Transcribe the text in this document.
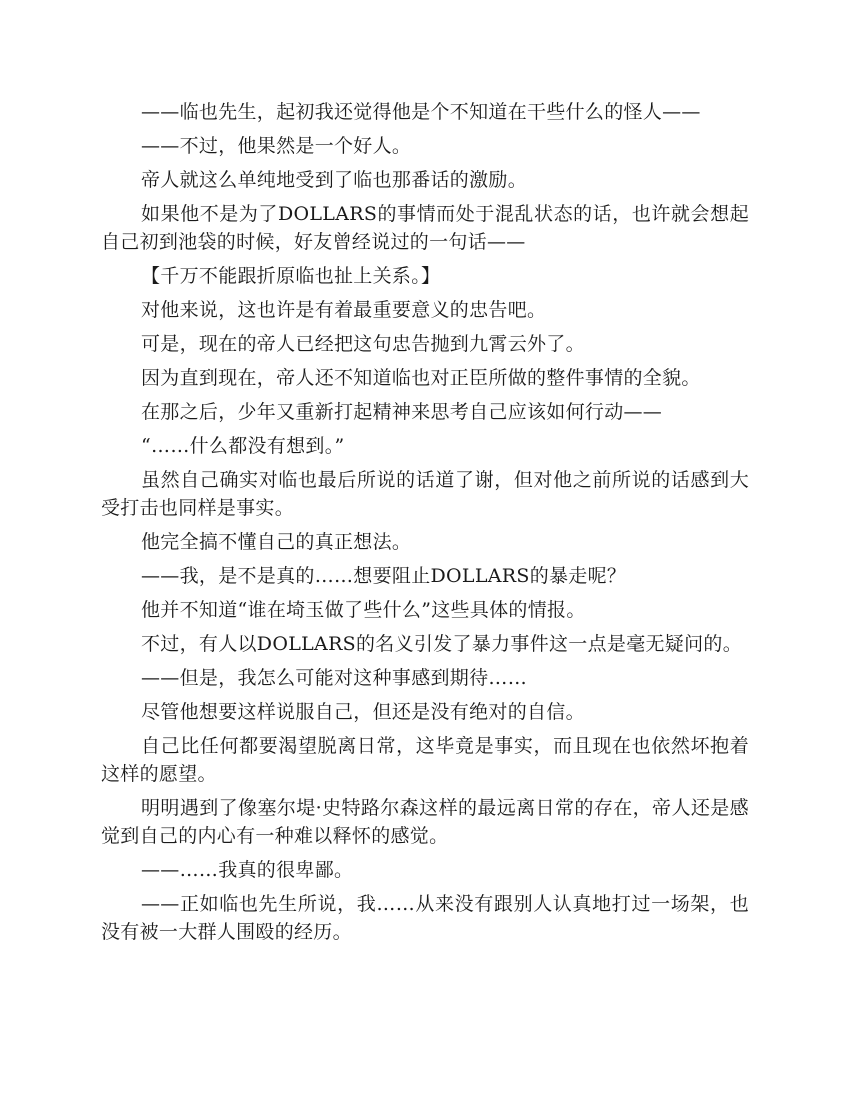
——临也先生，起初我还觉得他是个不知道在干些什么的怪人——

——不过，他果然是一个好人。

帝人就这么单纯地受到了临也那番话的激励。

如果他不是为了DOLLARS的事情而处于混乱状态的话，也许就会想起自己初到池袋的时候，好友曾经说过的一句话——

【千万不能跟折原临也扯上关系。】

对他来说，这也许是有着最重要意义的忠告吧。

可是，现在的帝人已经把这句忠告抛到九霄云外了。

因为直到现在，帝人还不知道临也对正臣所做的整件事情的全貌。

在那之后，少年又重新打起精神来思考自己应该如何行动——

“……什么都没有想到。”

虽然自己确实对临也最后所说的话道了谢，但对他之前所说的话感到大受打击也同样是事实。

他完全搞不懂自己的真正想法。

——我，是不是真的……想要阻止DOLLARS的暴走呢？

他并不知道“谁在埼玉做了些什么”这些具体的情报。

不过，有人以DOLLARS的名义引发了暴力事件这一点是毫无疑问的。

——但是，我怎么可能对这种事感到期待……

尽管他想要这样说服自己，但还是没有绝对的自信。

自己比任何都要渴望脱离日常，这毕竟是事实，而且现在也依然坏抱着这样的愿望。

明明遇到了像塞尔堤·史特路尔森这样的最远离日常的存在，帝人还是感觉到自己的内心有一种难以释怀的感觉。

——……我真的很卑鄙。

——正如临也先生所说，我……从来没有跟别人认真地打过一场架，也没有被一大群人围殴的经历。
